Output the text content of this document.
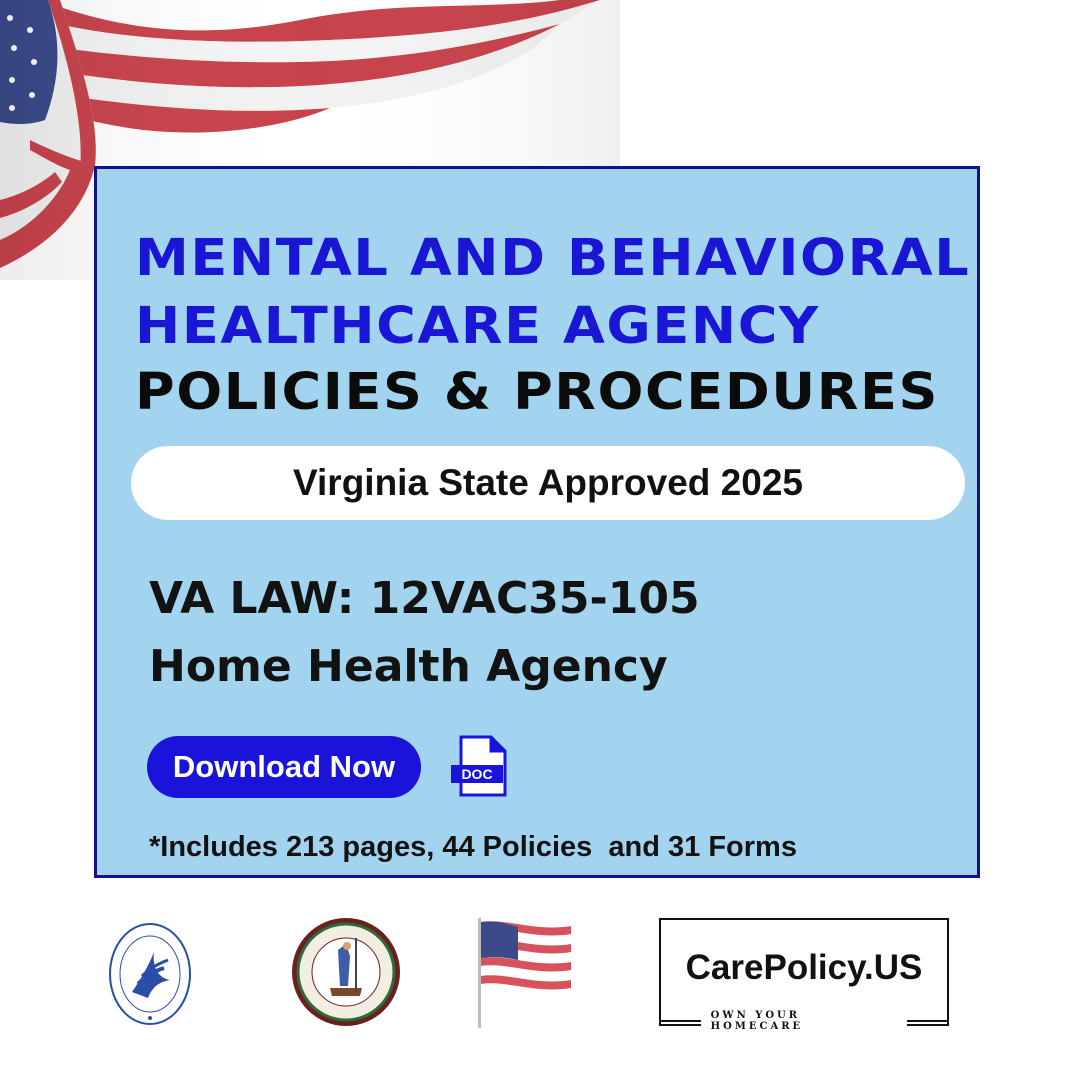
MENTAL AND BEHAVIORAL
HEALTHCARE AGENCY
POLICIES & PROCEDURES
Virginia State Approved 2025

VA LAW: 12VAC35-105

Home Health Agency

Download Now	DOC

*Includes 213 pages, 44 Policies  and 31 Forms

CarePolicy.US
OWN YOUR HOMECARE
